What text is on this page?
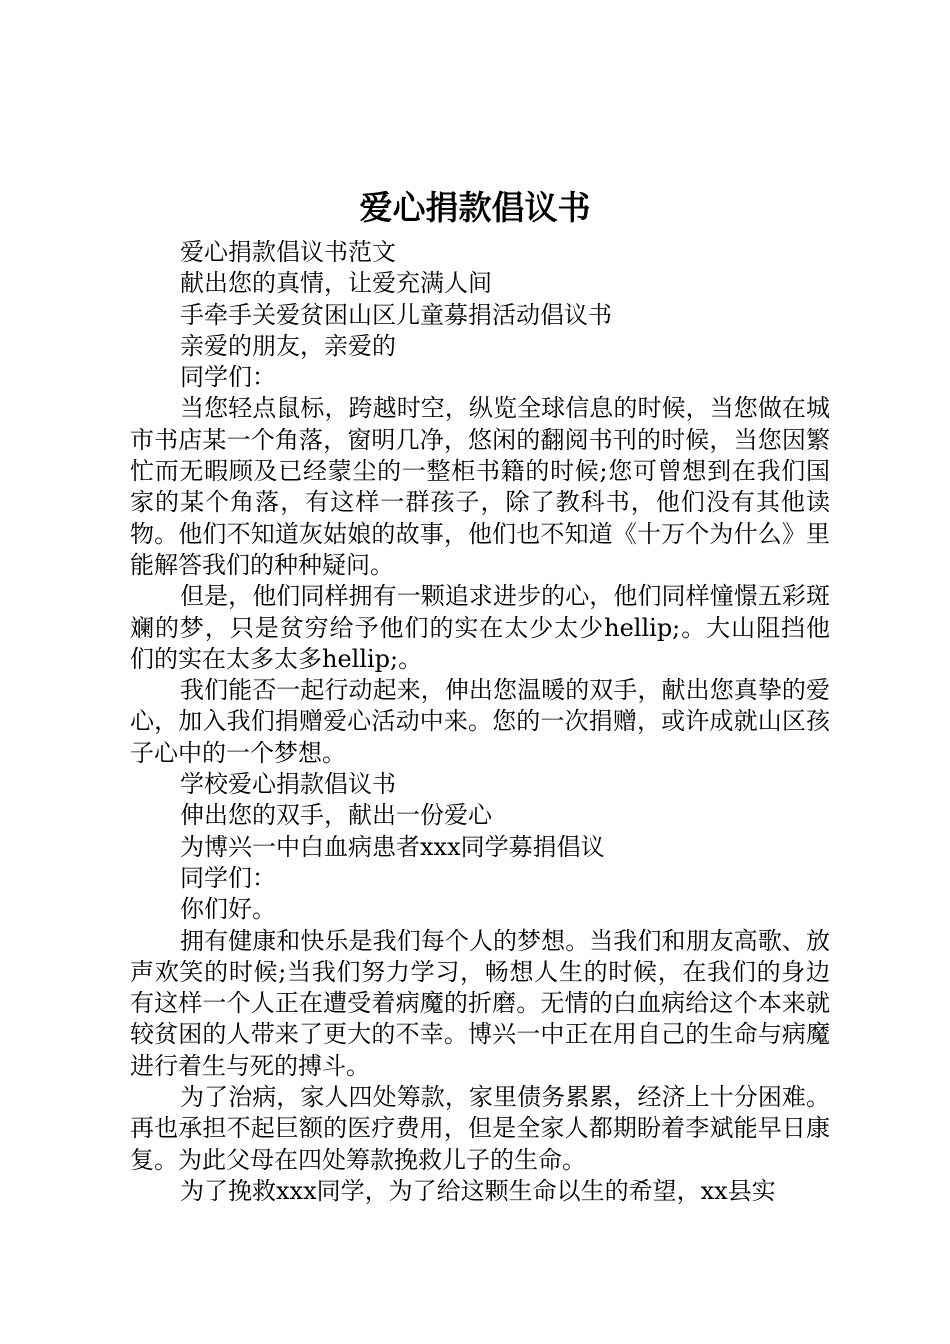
爱心捐款倡议书

爱心捐款倡议书范文

献出您的真情，让爱充满人间

手牵手关爱贫困山区儿童募捐活动倡议书

亲爱的朋友，亲爱的

同学们：

当您轻点鼠标，跨越时空，纵览全球信息的时候，当您做在城市书店某一个角落，窗明几净，悠闲的翻阅书刊的时候，当您因繁忙而无暇顾及已经蒙尘的一整柜书籍的时候;您可曾想到在我们国家的某个角落，有这样一群孩子，除了教科书，他们没有其他读物。他们不知道灰姑娘的故事，他们也不知道《十万个为什么》里能解答我们的种种疑问。

但是，他们同样拥有一颗追求进步的心，他们同样憧憬五彩斑斓的梦，只是贫穷给予他们的实在太少太少hellip;。大山阻挡他们的实在太多太多hellip;。

我们能否一起行动起来，伸出您温暖的双手，献出您真挚的爱心，加入我们捐赠爱心活动中来。您的一次捐赠，或许成就山区孩子心中的一个梦想。

学校爱心捐款倡议书

伸出您的双手，献出一份爱心

为博兴一中白血病患者xxx同学募捐倡议

同学们：

你们好。

拥有健康和快乐是我们每个人的梦想。当我们和朋友高歌、放声欢笑的时候;当我们努力学习，畅想人生的时候，在我们的身边有这样一个人正在遭受着病魔的折磨。无情的白血病给这个本来就较贫困的人带来了更大的不幸。博兴一中正在用自己的生命与病魔进行着生与死的搏斗。

为了治病，家人四处筹款，家里债务累累，经济上十分困难。再也承担不起巨额的医疗费用，但是全家人都期盼着李斌能早日康复。为此父母在四处筹款挽救儿子的生命。

为了挽救xxx同学，为了给这颗生命以生的希望，xx县实
